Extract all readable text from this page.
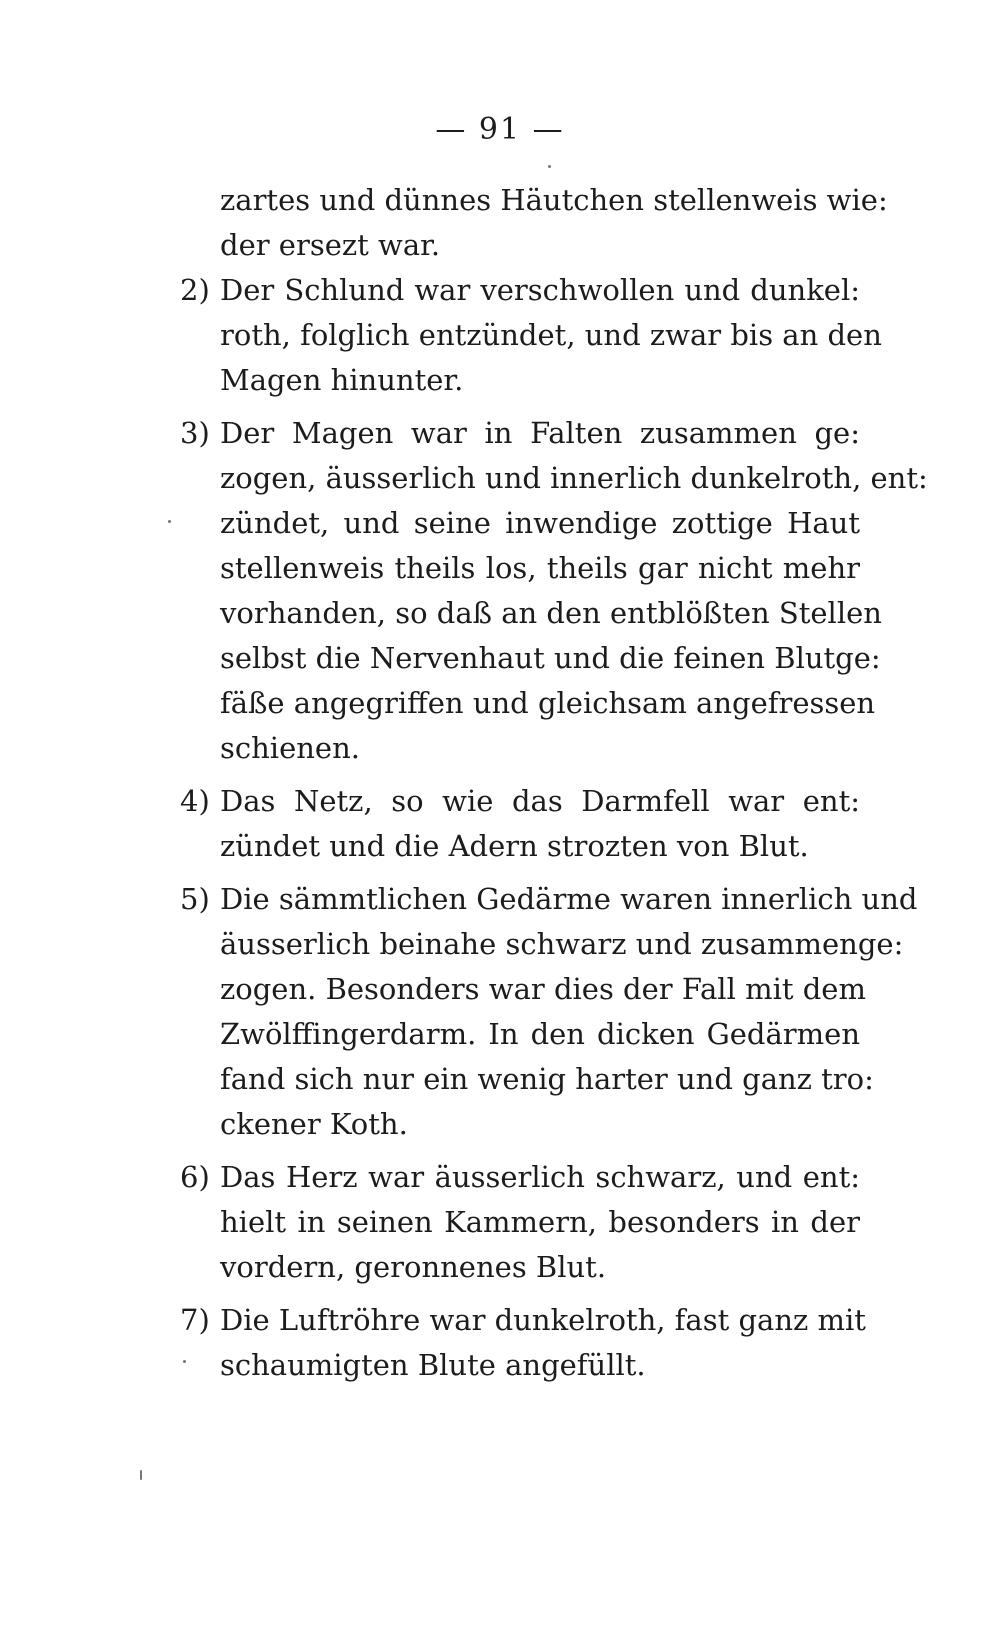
— 91 —
zartes und dünnes Häutchen stellenweis wie:
der ersezt war.
2) Der Schlund war verschwollen und dunkel:
roth, folglich entzündet, und zwar bis an den
Magen hinunter.
3) Der Magen war in Falten zusammen ge:
zogen, äusserlich und innerlich dunkelroth, ent:
zündet, und seine inwendige zottige Haut
stellenweis theils los, theils gar nicht mehr
vorhanden, so daß an den entblößten Stellen
selbst die Nervenhaut und die feinen Blutge:
fäße angegriffen und gleichsam angefressen
schienen.
4) Das Netz, so wie das Darmfell war ent:
zündet und die Adern strozten von Blut.
5) Die sämmtlichen Gedärme waren innerlich und
äusserlich beinahe schwarz und zusammenge:
zogen. Besonders war dies der Fall mit dem
Zwölffingerdarm. In den dicken Gedärmen
fand sich nur ein wenig harter und ganz tro:
ckener Koth.
6) Das Herz war äusserlich schwarz, und ent:
hielt in seinen Kammern, besonders in der
vordern, geronnenes Blut.
7) Die Luftröhre war dunkelroth, fast ganz mit
schaumigten Blute angefüllt.
